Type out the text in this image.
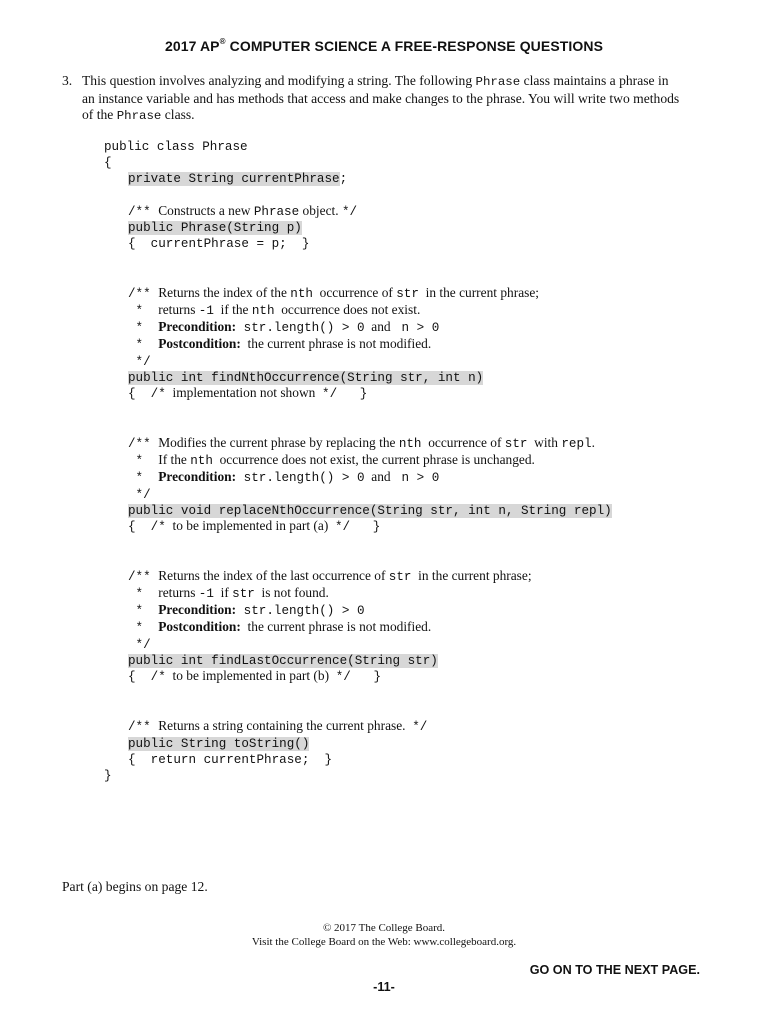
2017 AP® COMPUTER SCIENCE A FREE-RESPONSE QUESTIONS
3. This question involves analyzing and modifying a string. The following Phrase class maintains a phrase in
an instance variable and has methods that access and make changes to the phrase. You will write two methods
of the Phrase class.
public class Phrase
{
private String currentPhrase;
/** Constructs a new Phrase object. */
public Phrase(String p)
{  currentPhrase = p;  }
/** Returns the index of the nth  occurrence of str  in the current phrase;
*  returns -1  if the nth  occurrence does not exist.
*  Precondition: str.length() > 0  and  n > 0
*  Postcondition:  the current phrase is not modified.
*/
public int findNthOccurrence(String str, int n)
{  /*  implementation not shown  */   }
/** Modifies the current phrase by replacing the nth  occurrence of str  with repl.
*  If the nth  occurrence does not exist, the current phrase is unchanged.
*  Precondition: str.length() > 0  and  n > 0
*/
public void replaceNthOccurrence(String str, int n, String repl)
{  /*  to be implemented in part (a)  */   }
/** Returns the index of the last occurrence of str  in the current phrase;
*  returns -1  if str  is not found.
*  Precondition: str.length() > 0
*  Postcondition:  the current phrase is not modified.
*/
public int findLastOccurrence(String str)
{  /*  to be implemented in part (b)  */   }
/** Returns a string containing the current phrase.  */
public String toString()
{  return currentPhrase;  }
}
Part (a) begins on page 12.
© 2017 The College Board.
Visit the College Board on the Web: www.collegeboard.org.
GO ON TO THE NEXT PAGE.
-11-
